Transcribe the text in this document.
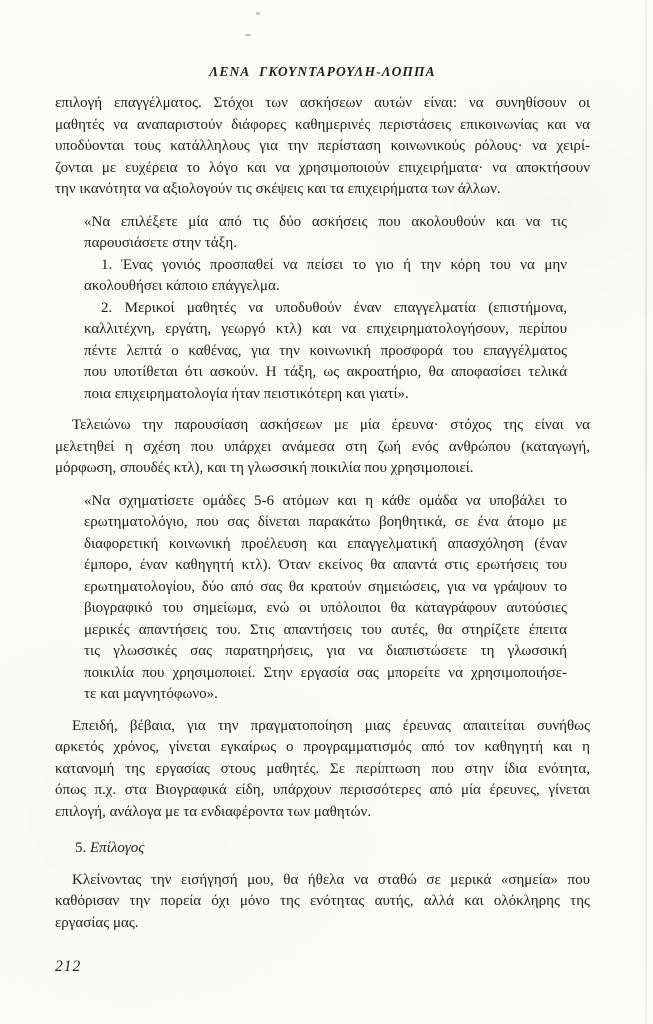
ΛΕΝΑ ΓΚΟΥΝΤΑΡΟΥΛΗ-ΛΟΠΠΑ
επιλογή επαγγέλματος. Στόχοι των ασκήσεων αυτών είναι: να συνηθίσουν οι
μαθητές να αναπαριστούν διάφορες καθημερινές περιστάσεις επικοινωνίας και να
υποδύονται τους κατάλληλους για την περίσταση κοινωνικούς ρόλους· να χειρί-
ζονται με ευχέρεια το λόγο και να χρησιμοποιούν επιχειρήματα· να αποκτήσουν
την ικανότητα να αξιολογούν τις σκέψεις και τα επιχειρήματα των άλλων.
«Να επιλέξετε μία από τις δύο ασκήσεις που ακολουθούν και να τις
παρουσιάσετε στην τάξη.
1. Ένας γονιός προσπαθεί να πείσει το γιο ή την κόρη του να μην
ακολουθήσει κάποιο επάγγελμα.
2. Μερικοί μαθητές να υποδυθούν έναν επαγγελματία (επιστήμονα,
καλλιτέχνη, εργάτη, γεωργό κτλ) και να επιχειρηματολογήσουν, περίπου
πέντε λεπτά ο καθένας, για την κοινωνική προσφορά του επαγγέλματος
που υποτίθεται ότι ασκούν. Η τάξη, ως ακροατήριο, θα αποφασίσει τελικά
ποια επιχειρηματολογία ήταν πειστικότερη και γιατί».
Τελειώνω την παρουσίαση ασκήσεων με μία έρευνα· στόχος της είναι να
μελετηθεί η σχέση που υπάρχει ανάμεσα στη ζωή ενός ανθρώπου (καταγωγή,
μόρφωση, σπουδές κτλ), και τη γλωσσική ποικιλία που χρησιμοποιεί.
«Να σχηματίσετε ομάδες 5-6 ατόμων και η κάθε ομάδα να υποβάλει το
ερωτηματολόγιο, που σας δίνεται παρακάτω βοηθητικά, σε ένα άτομο με
διαφορετική κοινωνική προέλευση και επαγγελματική απασχόληση (έναν
έμπορο, έναν καθηγητή κτλ). Όταν εκείνος θα απαντά στις ερωτήσεις του
ερωτηματολογίου, δύο από σας θα κρατούν σημειώσεις, για να γράψουν το
βιογραφικό του σημείωμα, ενώ οι υπόλοιποι θα καταγράφουν αυτούσιες
μερικές απαντήσεις του. Στις απαντήσεις του αυτές, θα στηρίζετε έπειτα
τις γλωσσικές σας παρατηρήσεις, για να διαπιστώσετε τη γλωσσική
ποικιλία που χρησιμοποιεί. Στην εργασία σας μπορείτε να χρησιμοποιήσε-
τε και μαγνητόφωνο».
Επειδή, βέβαια, για την πραγματοποίηση μιας έρευνας απαιτείται συνήθως
αρκετός χρόνος, γίνεται εγκαίρως ο προγραμματισμός από τον καθηγητή και η
κατανομή της εργασίας στους μαθητές. Σε περίπτωση που στην ίδια ενότητα,
όπως π.χ. στα Βιογραφικά είδη, υπάρχουν περισσότερες από μία έρευνες, γίνεται
επιλογή, ανάλογα με τα ενδιαφέροντα των μαθητών.
5. Επίλογος
Κλείνοντας την εισήγησή μου, θα ήθελα να σταθώ σε μερικά «σημεία» που
καθόρισαν την πορεία όχι μόνο της ενότητας αυτής, αλλά και ολόκληρης της
εργασίας μας.
212
